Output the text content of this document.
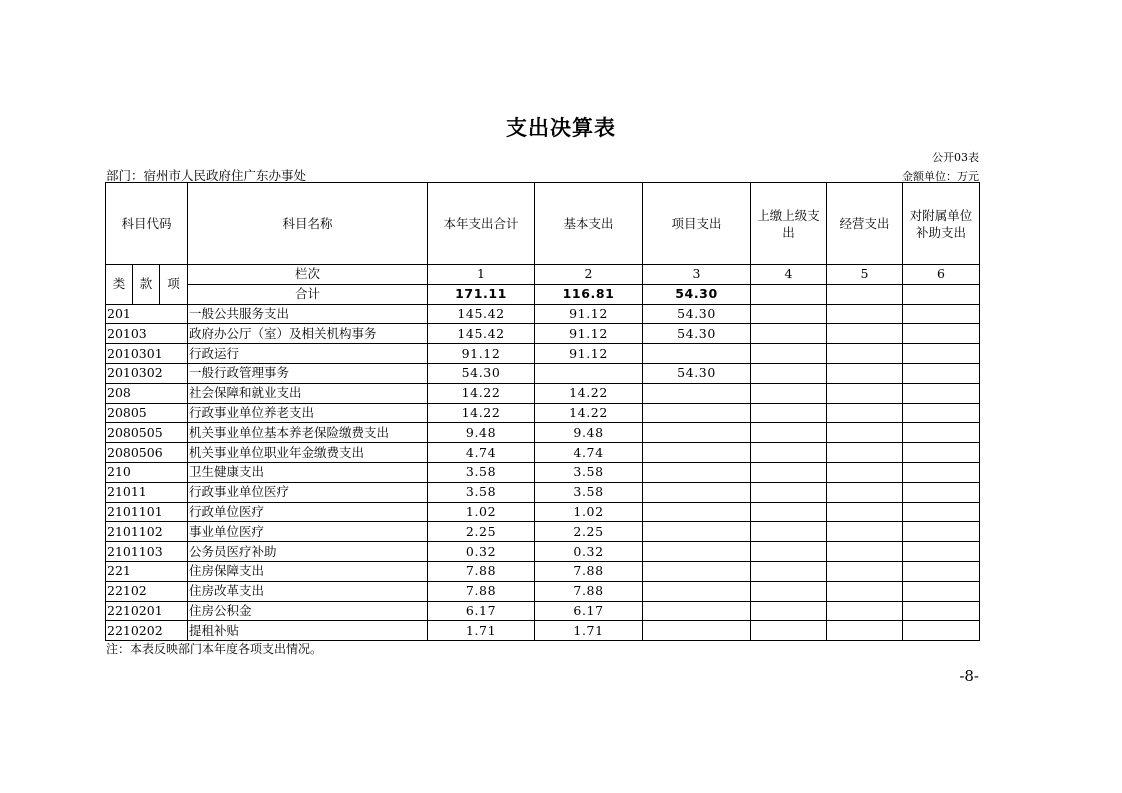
支出决算表
公开03表
部门：宿州市人民政府住广东办事处	金额单位：万元
科目代码			科目名称	本年支出合计	基本支出	项目支出	上缴上级支出	经营支出	对附属单位补助支出
类	款	项	栏次	1	2	3	4	5	6
			合计	171.11	116.81	54.30			
201			一般公共服务支出	145.42	91.12	54.30			
20103			政府办公厅（室）及相关机构事务	145.42	91.12	54.30			
2010301			行政运行	91.12	91.12				
2010302			一般行政管理事务	54.30		54.30			
208			社会保障和就业支出	14.22	14.22				
20805			行政事业单位养老支出	14.22	14.22				
2080505			机关事业单位基本养老保险缴费支出	9.48	9.48				
2080506			机关事业单位职业年金缴费支出	4.74	4.74				
210			卫生健康支出	3.58	3.58				
21011			行政事业单位医疗	3.58	3.58				
2101101			行政单位医疗	1.02	1.02				
2101102			事业单位医疗	2.25	2.25				
2101103			公务员医疗补助	0.32	0.32				
221			住房保障支出	7.88	7.88				
22102			住房改革支出	7.88	7.88				
2210201			住房公积金	6.17	6.17				
2210202			提租补贴	1.71	1.71				
注：本表反映部门本年度各项支出情况。
-8-
